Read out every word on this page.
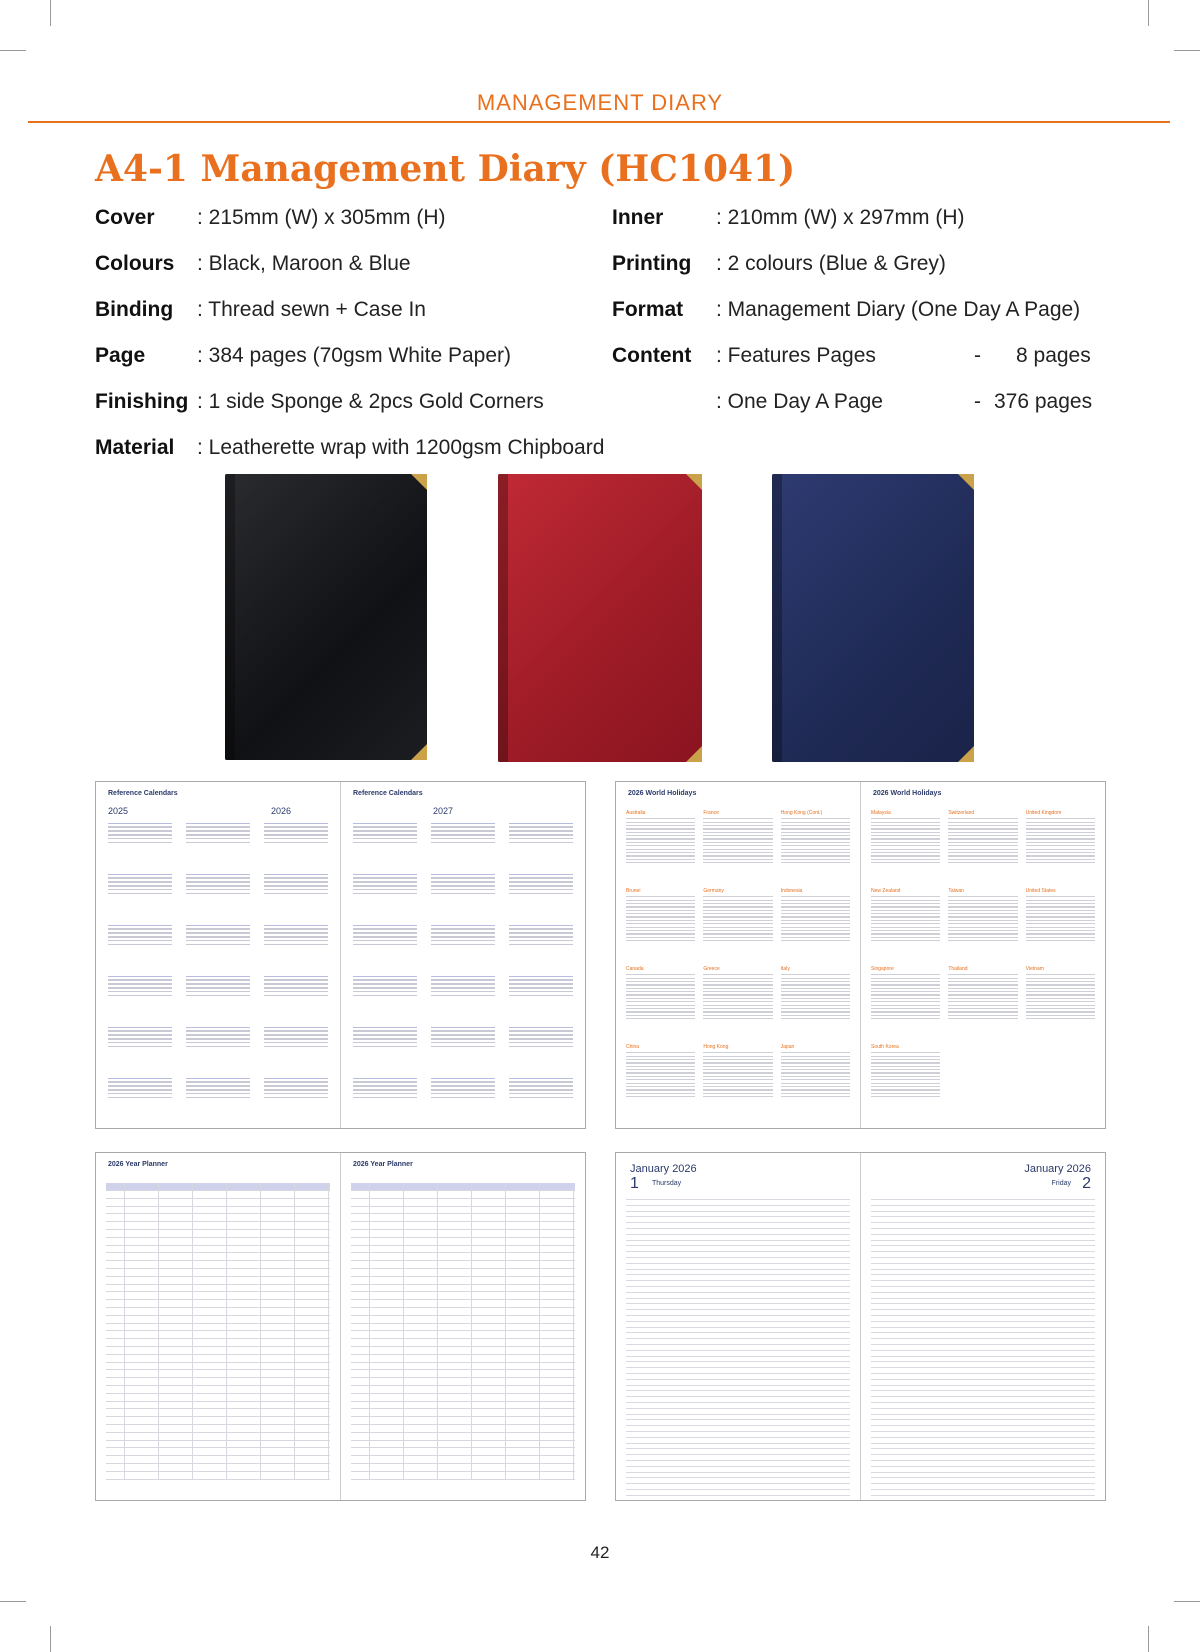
MANAGEMENT DIARY
A4-1 Management Diary (HC1041)
Cover : 215mm (W) x 305mm (H)
Colours : Black, Maroon & Blue
Binding : Thread sewn + Case In
Page : 384 pages (70gsm White Paper)
Finishing : 1 side Sponge & 2pcs Gold Corners
Material : Leatherette wrap with 1200gsm Chipboard
Inner	: 210mm (W) x 297mm (H)
Printing : 2 colours (Blue & Grey)
Format : Management Diary (One Day A Page)
Content : Features Pages	- 8 pages
: One Day A Page	- 376 pages
Reference Calendars
2025	2026
Reference Calendars
2027
2026 World Holidays
Australia	France	Hong Kong (Cont.)
Brunei	Germany	Indonesia
Canada	Greece	Italy
China	Hong Kong	Japan
2026 World Holidays
Malaysia	Switzerland	United Kingdom
New Zealand	Taiwan	United States
Singapore	Thailand	Vietnam
South Korea
2026 Year Planner	2026 Year Planner	January 2026
1 Thursday
January 2026
2
Friday
42
